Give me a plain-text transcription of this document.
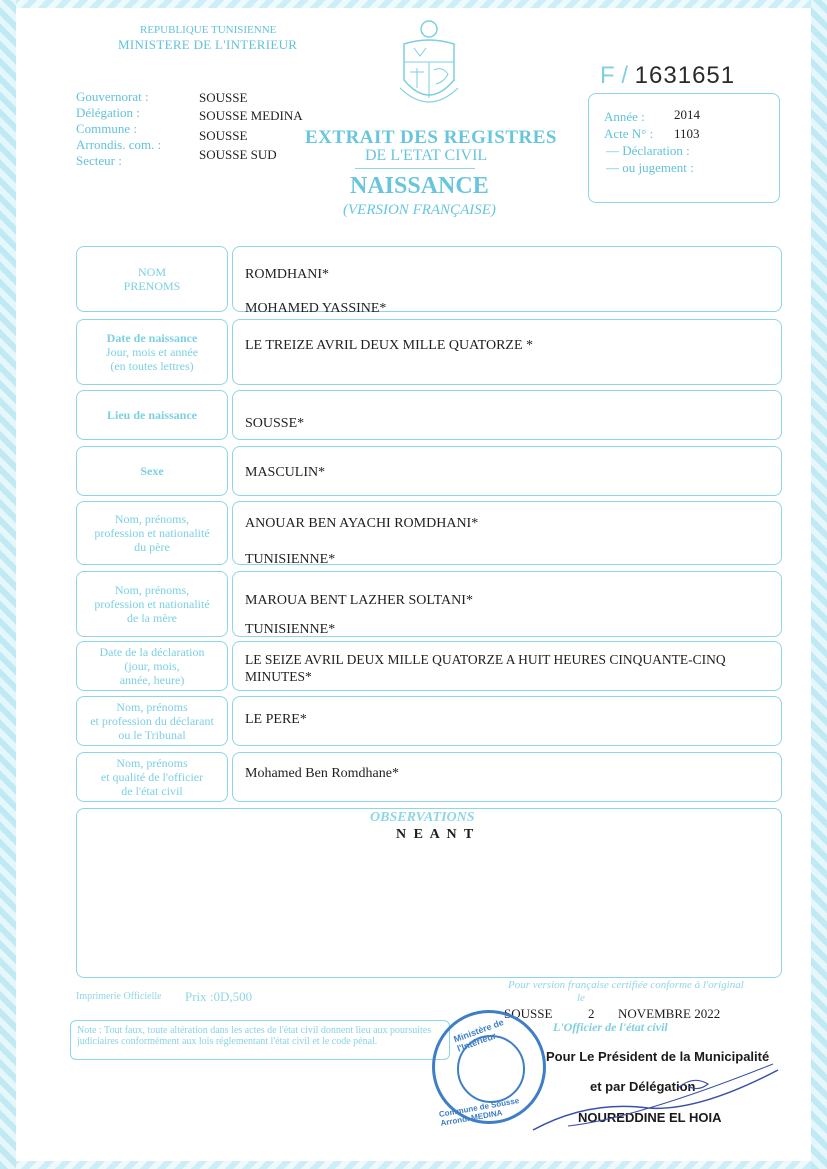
REPUBLIQUE TUNISIENNE
MINISTERE DE L'INTERIEUR
Gouvernorat :
Délégation :
Commune :
Arrondis. com. :
Secteur :
SOUSSE
SOUSSE MEDINA
SOUSSE
SOUSSE SUD
EXTRAIT DES REGISTRES
DE L'ETAT CIVIL
NAISSANCE
(VERSION FRANÇAISE)
F / 1631651
Année : 2014
Acte N° : 1103
— Déclaration :
— ou jugement :
NOM
PRENOMS
ROMDHANI*
MOHAMED YASSINE*
Date de naissance
Jour, mois et année
(en toutes lettres)
LE TREIZE AVRIL DEUX MILLE QUATORZE *
Lieu de naissance
SOUSSE*
Sexe	MASCULIN*
Nom, prénoms,
profession et nationalité
du père
ANOUAR BEN AYACHI ROMDHANI*
TUNISIENNE*
Nom, prénoms,
profession et nationalité
de la mère
MAROUA BENT LAZHER SOLTANI*
TUNISIENNE*
Date de la déclaration
(jour, mois,
année, heure)
LE SEIZE AVRIL DEUX MILLE QUATORZE A HUIT HEURES CINQUANTE-CINQ
MINUTES*
Nom, prénoms
et profession du déclarant
ou le Tribunal
LE PERE*
Nom, prénoms
et qualité de l'officier
de l'état civil
Mohamed Ben Romdhane*
OBSERVATIONS
N E A N T
Imprimerie Officielle Prix :0D,500
Note : Tout faux, toute altération dans les actes de l'état civil donnent lieu aux poursuites judiciaires conformément aux lois réglementant l'état civil et le code pénal.
Pour version française certifiée conforme à l'original
le
SOUSSE	2 NOVEMBRE 2022
L'Officier de l'état civil
Pour Le Président de la Municipalité
et par Délégation
NOUREDDINE EL HOIA
Ministère de l'Intérieur
Commune de Sousse Arrond. MEDINA
